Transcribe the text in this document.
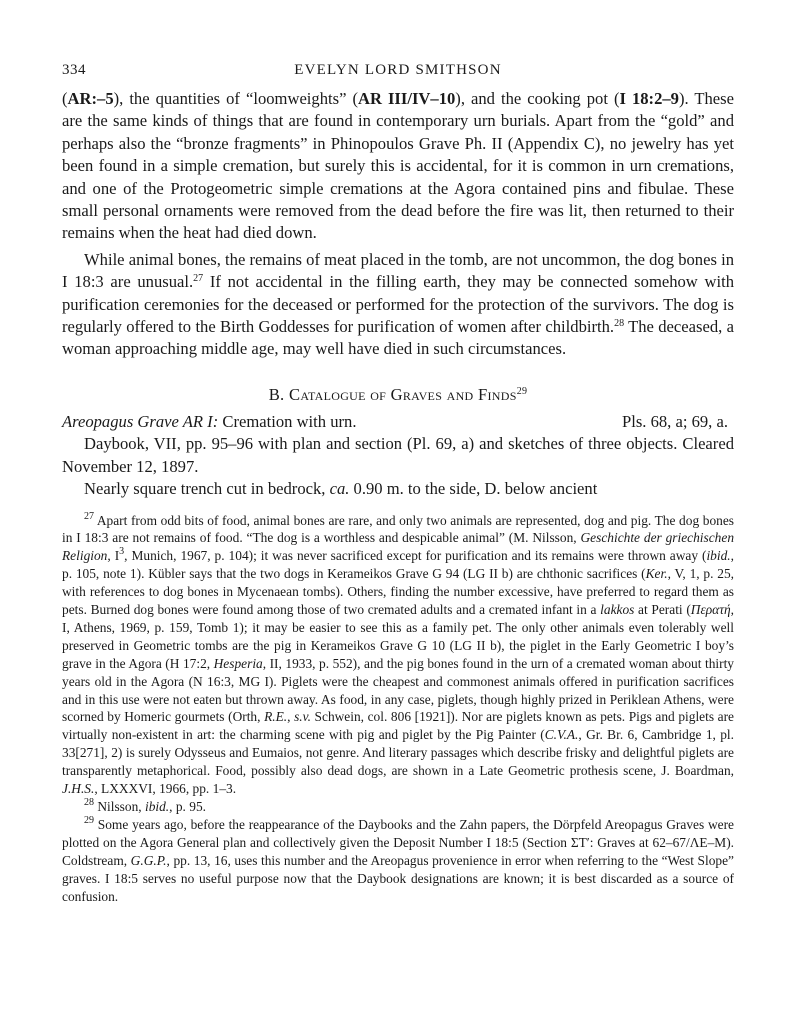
334	EVELYN LORD SMITHSON

(AR:–5), the quantities of “loomweights” (AR III/IV–10), and the cooking pot (I 18:2–9). These are the same kinds of things that are found in contemporary urn burials. Apart from the “gold” and perhaps also the “bronze fragments” in Phinopoulos Grave Ph. II (Appendix C), no jewelry has yet been found in a simple cremation, but surely this is accidental, for it is common in urn cremations, and one of the Protogeometric simple cremations at the Agora contained pins and fibulae. These small personal ornaments were removed from the dead before the fire was lit, then returned to their remains when the heat had died down.

While animal bones, the remains of meat placed in the tomb, are not uncommon, the dog bones in I 18:3 are unusual.$^{27}$ If not accidental in the filling earth, they may be connected somehow with purification ceremonies for the deceased or performed for the protection of the survivors. The dog is regularly offered to the Birth Goddesses for purification of women after childbirth.$^{28}$ The deceased, a woman approaching middle age, may well have died in such circumstances.

B. Catalogue of Graves and Finds$^{29}$

Areopagus Grave AR I: Cremation with urn.	Pls. 68, a; 69, a.

Daybook, VII, pp. 95–96 with plan and section (Pl. 69, a) and sketches of three objects. Cleared November 12, 1897.

Nearly square trench cut in bedrock, ca. 0.90 m. to the side, D. below ancient

$^{27}$ Apart from odd bits of food, animal bones are rare, and only two animals are represented, dog and pig. The dog bones in I 18:3 are not remains of food. “The dog is a worthless and despicable animal” (M. Nilsson, Geschichte der griechischen Religion, $I^3$, Munich, 1967, p. 104); it was never sacrificed except for purification and its remains were thrown away (ibid., p. 105, note 1). Kübler says that the two dogs in Kerameikos Grave G 94 (LG II b) are chthonic sacrifices (Ker., V, 1, p. 25, with references to dog bones in Mycenaean tombs). Others, finding the number excessive, have preferred to regard them as pets. Burned dog bones were found among those of two cremated adults and a cremated infant in a lakkos at Perati (Περατή, I, Athens, 1969, p. 159, Tomb 1); it may be easier to see this as a family pet. The only other animals even tolerably well preserved in Geometric tombs are the pig in Kerameikos Grave G 10 (LG II b), the piglet in the Early Geometric I boy’s grave in the Agora (H 17:2, Hesperia, II, 1933, p. 552), and the pig bones found in the urn of a cremated woman about thirty years old in the Agora (N 16:3, MG I). Piglets were the cheapest and commonest animals offered in purification sacrifices and in this use were not eaten but thrown away. As food, in any case, piglets, though highly prized in Periklean Athens, were scorned by Homeric gourmets (Orth, R.E., s.v. Schwein, col. 806 [1921]). Nor are piglets known as pets. Pigs and piglets are virtually non-existent in art: the charming scene with pig and piglet by the Pig Painter (C.V.A., Gr. Br. 6, Cambridge 1, pl. 33[271], 2) is surely Odysseus and Eumaios, not genre. And literary passages which describe frisky and delightful piglets are transparently metaphorical. Food, possibly also dead dogs, are shown in a Late Geometric prothesis scene, J. Boardman, J.H.S., LXXXVI, 1966, pp. 1–3.

$^{28}$ Nilsson, ibid., p. 95.

$^{29}$ Some years ago, before the reappearance of the Daybooks and the Zahn papers, the Dörpfeld Areopagus Graves were plotted on the Agora General plan and collectively given the Deposit Number I 18:5 (Section ΣΤ′: Graves at 62–67/ΛΕ–Μ). Coldstream, G.G.P., pp. 13, 16, uses this number and the Areopagus provenience in error when referring to the “West Slope” graves. I 18:5 serves no useful purpose now that the Daybook designations are known; it is best discarded as a source of confusion.
